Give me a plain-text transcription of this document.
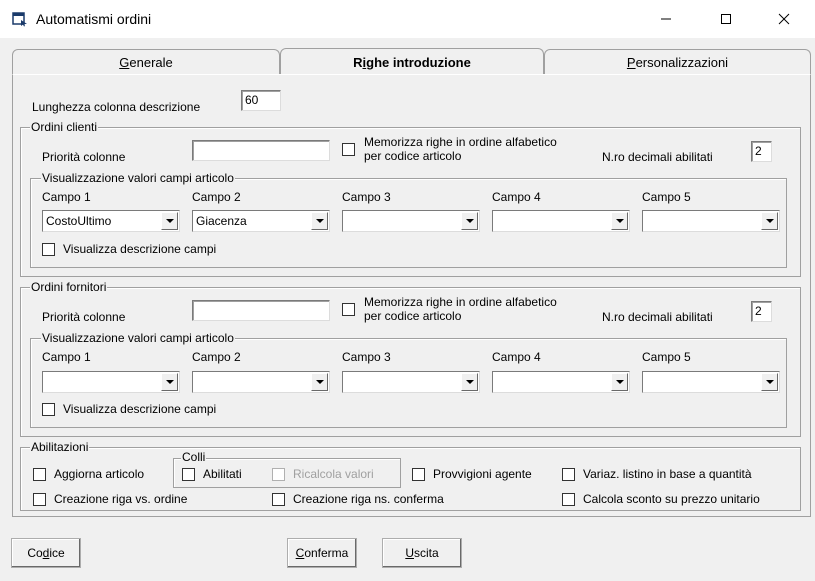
Automatismi ordini
G enerale	R i ghe introduzione	P ersonalizzazioni
Lunghezza colonna descrizione	60
Ordini clienti
Priorità colonne
Memorizza righe in ordine alfabetico
per codice articolo	N.ro decimali abilitati	2
Visualizzazione valori campi articolo
Campo 1	Campo 2	Campo 3	Campo 4	Campo 5
CostoUltimo	Giacenza
Visualizza descrizione campi
Ordini fornitori
Priorità colonne
Memorizza righe in ordine alfabetico
per codice articolo	N.ro decimali abilitati	2
Visualizzazione valori campi articolo
Campo 1	Campo 2	Campo 3	Campo 4	Campo 5
Visualizza descrizione campi
Abilitazioni
Aggiorna articolo
Colli
Abilitati	Ricalcola valori	Provvigioni agente	Variaz. listino in base a quantità
Creazione riga vs. ordine	Creazione riga ns. conferma	Calcola sconto su prezzo unitario
Co d ice	C onferma	U scita
